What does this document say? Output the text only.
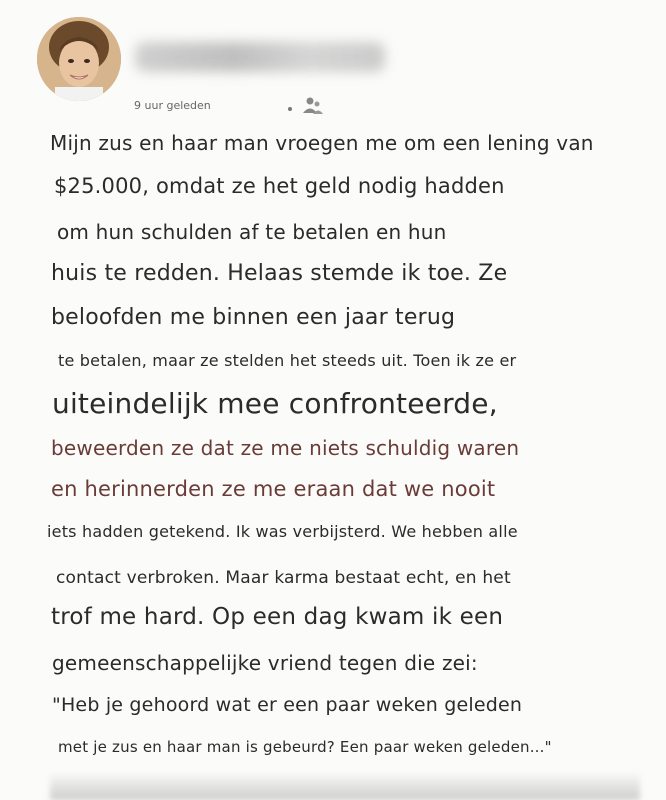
9 uur geleden
Mijn zus en haar man vroegen me om een lening van
$25.000, omdat ze het geld nodig hadden
om hun schulden af te betalen en hun
huis te redden. Helaas stemde ik toe. Ze
beloofden me binnen een jaar terug
te betalen, maar ze stelden het steeds uit. Toen ik ze er
uiteindelijk mee confronteerde,
beweerden ze dat ze me niets schuldig waren
en herinnerden ze me eraan dat we nooit
iets hadden getekend. Ik was verbijsterd. We hebben alle
contact verbroken. Maar karma bestaat echt, en het
trof me hard. Op een dag kwam ik een
gemeenschappelijke vriend tegen die zei:
"Heb je gehoord wat er een paar weken geleden
met je zus en haar man is gebeurd? Een paar weken geleden..."
